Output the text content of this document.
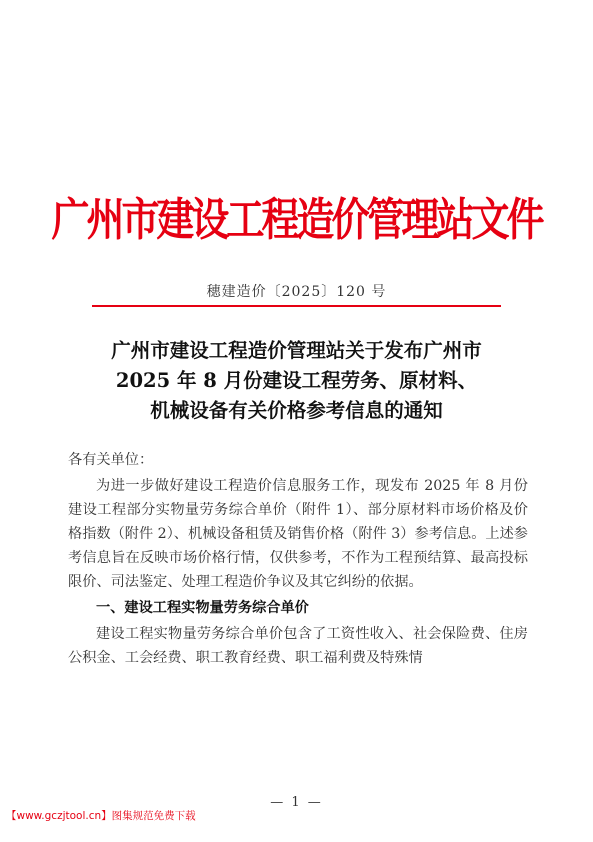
广州市建设工程造价管理站文件
穗建造价〔2025〕120 号
广州市建设工程造价管理站关于发布广州市
2025 年 8 月份建设工程劳务、原材料、
机械设备有关价格参考信息的通知

各有关单位：

为进一步做好建设工程造价信息服务工作，现发布 2025 年 8 月份建设工程部分实物量劳务综合单价（附件 1）、部分原材料市场价格及价格指数（附件 2）、机械设备租赁及销售价格（附件 3）参考信息。上述参考信息旨在反映市场价格行情，仅供参考，不作为工程预结算、最高投标限价、司法鉴定、处理工程造价争议及其它纠纷的依据。

一、建设工程实物量劳务综合单价

建设工程实物量劳务综合单价包含了工资性收入、社会保险费、住房公积金、工会经费、职工教育经费、职工福利费及特殊情

— 1 —
【www.gczjtool.cn】图集规范免费下载
